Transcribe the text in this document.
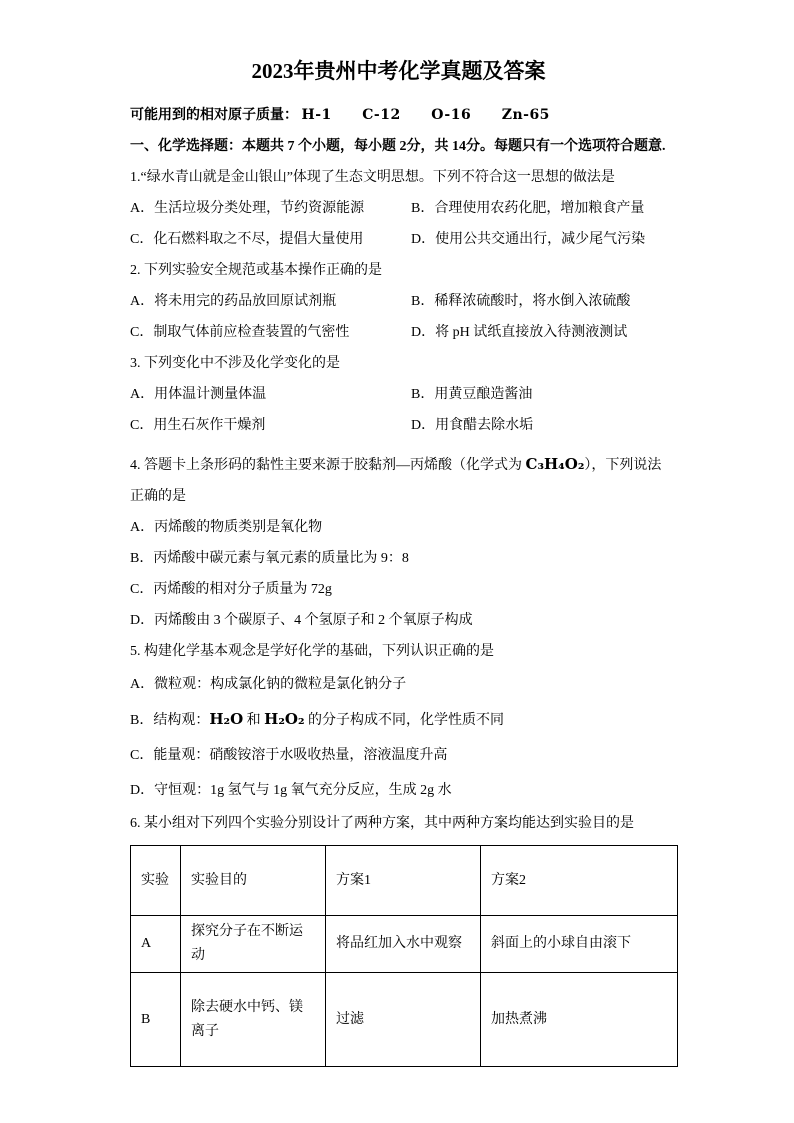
2023年贵州中考化学真题及答案

可能用到的相对原子质量： H-1 C-12 O-16 Zn-65

一、化学选择题：本题共 7 个小题，每小题 2分，共 14分。每题只有一个选项符合题意.

1.“绿水青山就是金山银山”体现了生态文明思想。下列不符合这一思想的做法是

A．生活垃圾分类处理，节约资源能源	B．合理使用农药化肥，增加粮食产量
C．化石燃料取之不尽，提倡大量使用	D．使用公共交通出行，减少尾气污染

2. 下列实验安全规范或基本操作正确的是

A．将未用完的药品放回原试剂瓶	B．稀释浓硫酸时，将水倒入浓硫酸
C．制取气体前应检查装置的气密性	D．将 pH 试纸直接放入待测液测试

3. 下列变化中不涉及化学变化的是

A．用体温计测量体温	B．用黄豆酿造酱油
C．用生石灰作干燥剂	D．用食醋去除水垢

4. 答题卡上条形码的黏性主要来源于胶黏剂—丙烯酸（化学式为 C₃H₄O₂），下列说法正确的是

A．丙烯酸的物质类别是氧化物

B．丙烯酸中碳元素与氧元素的质量比为 9：8

C．丙烯酸的相对分子质量为 72g

D．丙烯酸由 3 个碳原子、4 个氢原子和 2 个氧原子构成

5. 构建化学基本观念是学好化学的基础，下列认识正确的是

A．微粒观：构成氯化钠的微粒是氯化钠分子

B．结构观：H₂O 和 H₂O₂ 的分子构成不同，化学性质不同

C．能量观：硝酸铵溶于水吸收热量，溶液温度升高

D．守恒观：1g 氢气与 1g 氧气充分反应，生成 2g 水

6. 某小组对下列四个实验分别设计了两种方案，其中两种方案均能达到实验目的是

实验	实验目的	方案1	方案2
A	探究分子在不断运动	将品红加入水中观察	斜面上的小球自由滚下
B	除去硬水中钙、镁离子	过滤	加热煮沸
